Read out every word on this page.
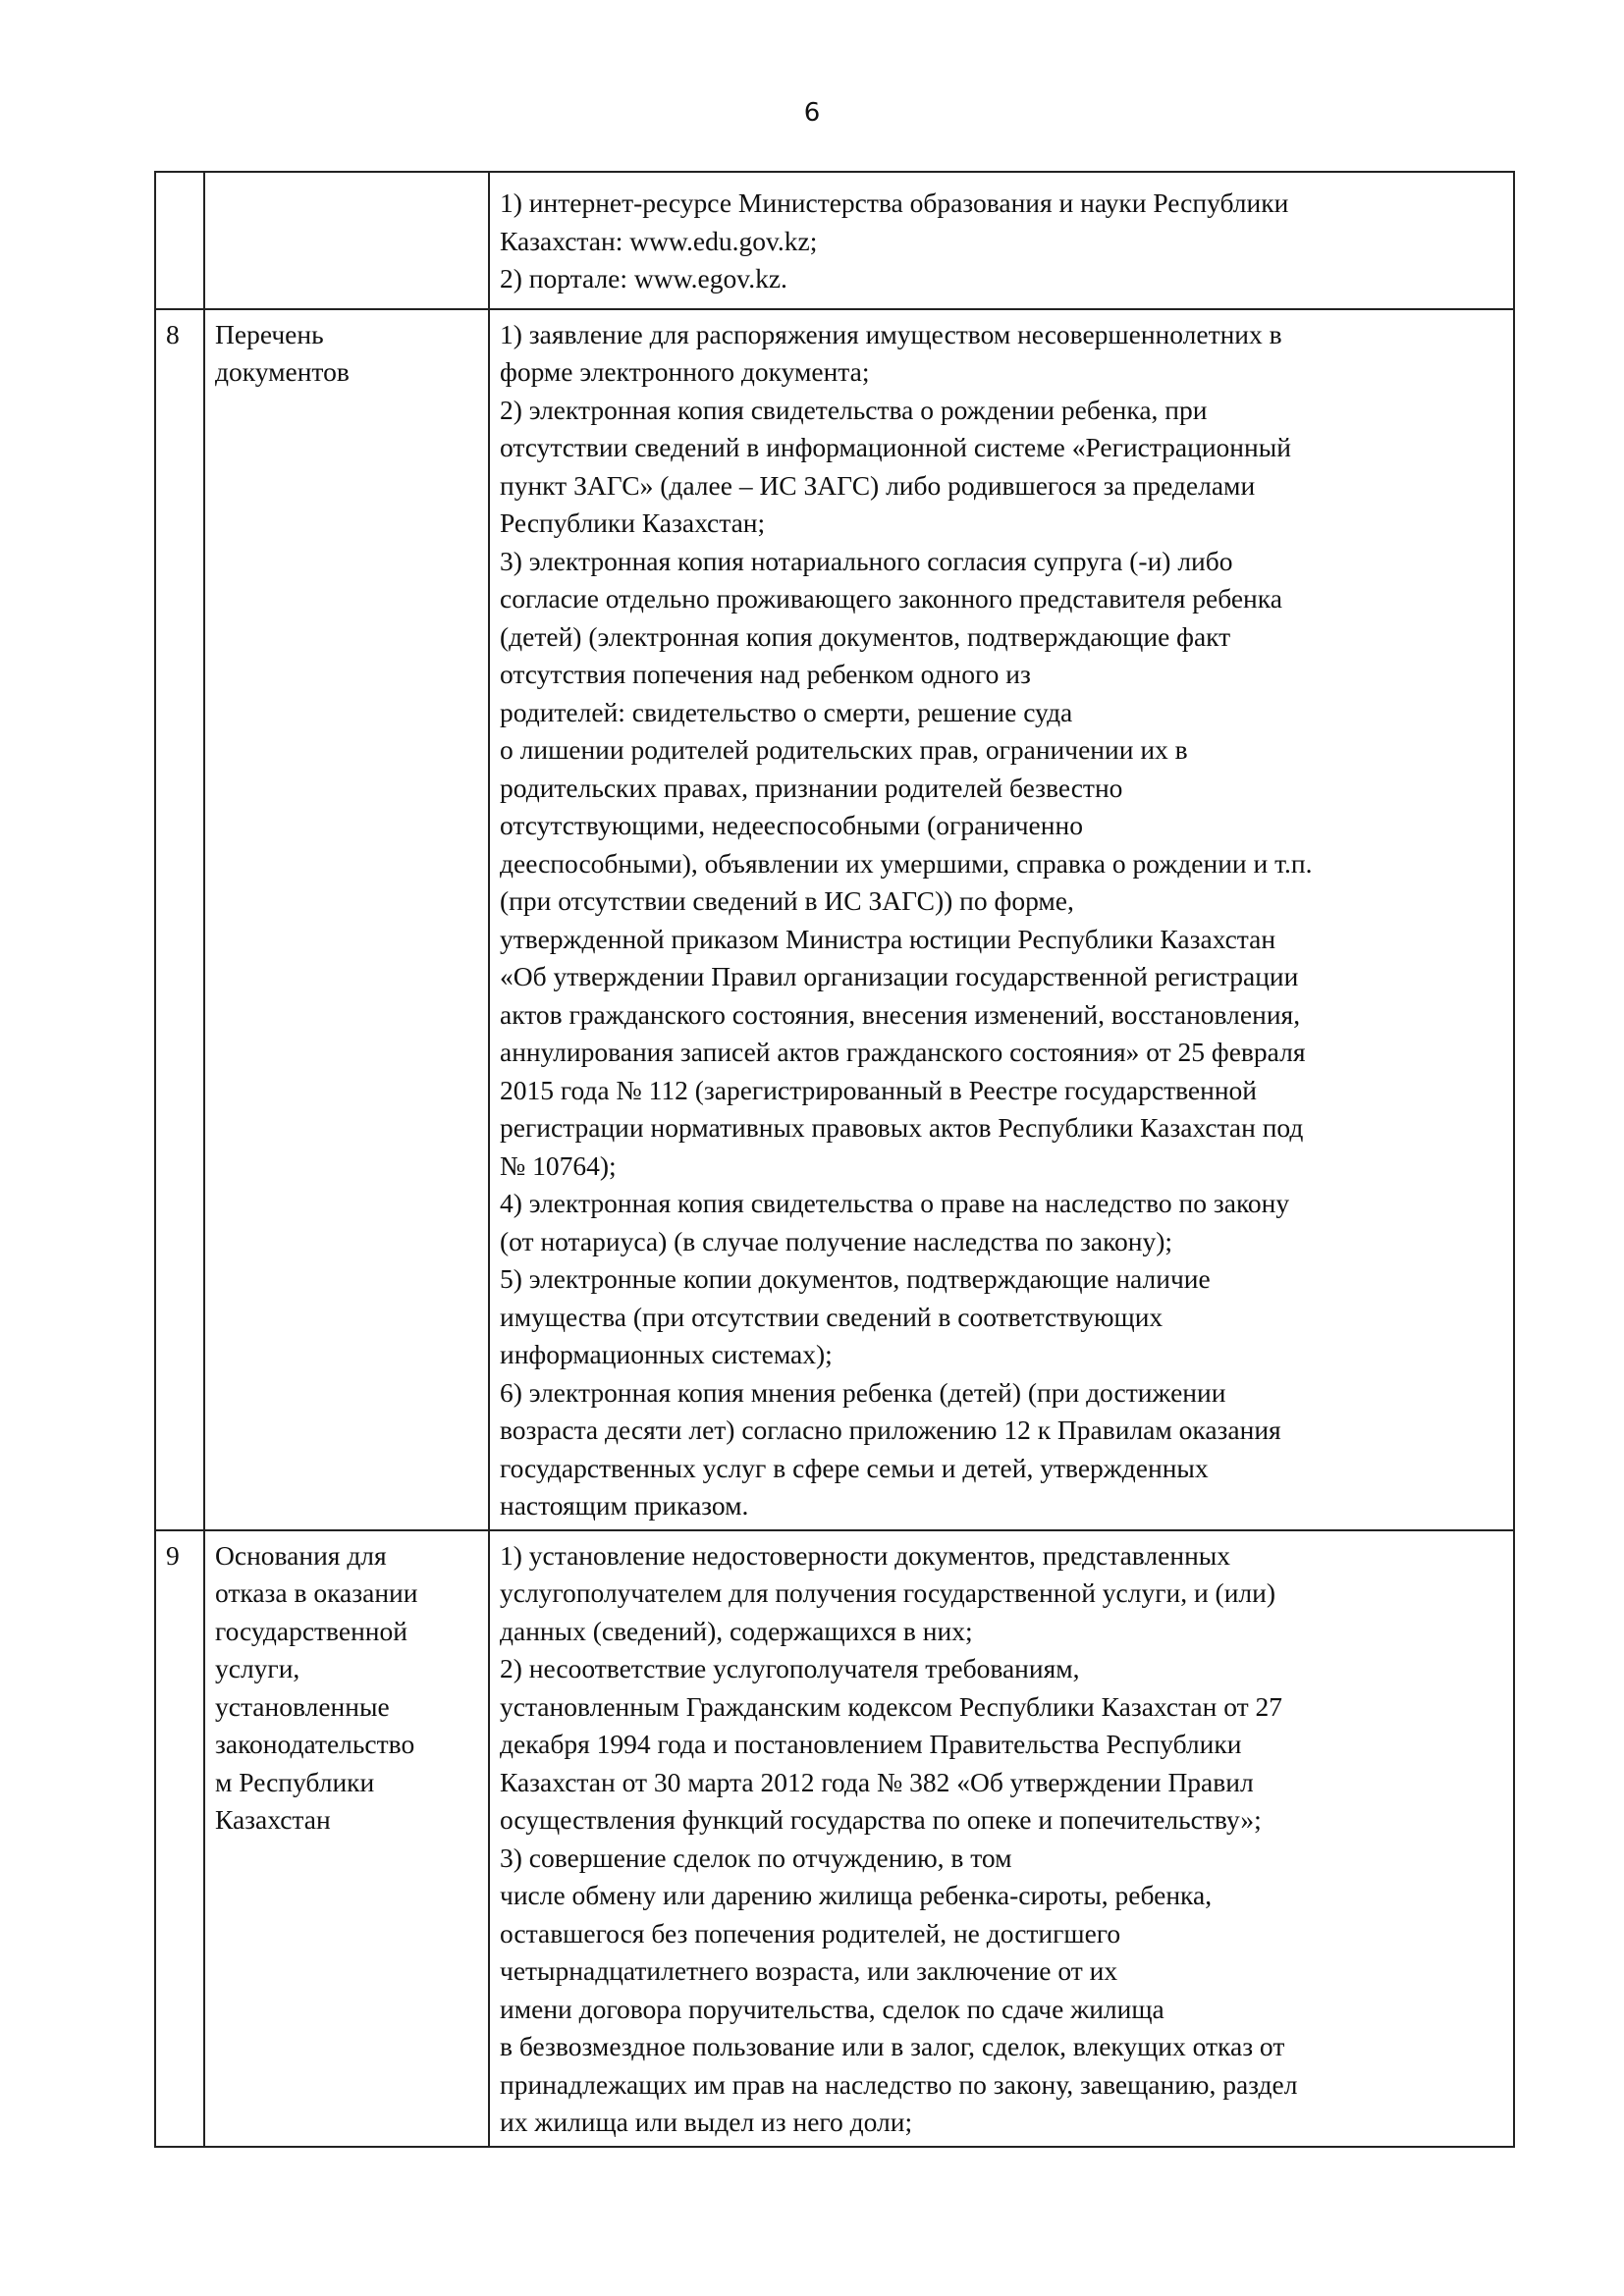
6

		1) интернет-ресурсе Министерства образования и науки Республики
Казахстан: www.edu.gov.kz;
2) портале: www.egov.kz.

8	Перечень
документов

1) заявление для распоряжения имуществом несовершеннолетних в
форме электронного документа;
2) электронная копия свидетельства о рождении ребенка, при
отсутствии сведений в информационной системе «Регистрационный
пункт ЗАГС» (далее – ИС ЗАГС) либо родившегося за пределами
Республики Казахстан;
3) электронная копия нотариального согласия супруга (-и) либо
согласие отдельно проживающего законного представителя ребенка
(детей) (электронная копия документов, подтверждающие факт
отсутствия попечения над ребенком одного из
родителей: свидетельство о смерти, решение суда
о лишении родителей родительских прав, ограничении их в
родительских правах, признании родителей безвестно
отсутствующими, недееспособными (ограниченно
дееспособными), объявлении их умершими, справка о рождении и т.п.
(при отсутствии сведений в ИС ЗАГС)) по форме,
утвержденной приказом Министра юстиции Республики Казахстан
«Об утверждении Правил организации государственной регистрации
актов гражданского состояния, внесения изменений, восстановления,
аннулирования записей актов гражданского состояния» от 25 февраля
2015 года № 112 (зарегистрированный в Реестре государственной
регистрации нормативных правовых актов Республики Казахстан под
№ 10764);
4) электронная копия свидетельства о праве на наследство по закону
(от нотариуса) (в случае получение наследства по закону);
5) электронные копии документов, подтверждающие наличие
имущества (при отсутствии сведений в соответствующих
информационных системах);
6) электронная копия мнения ребенка (детей) (при достижении
возраста десяти лет) согласно приложению 12 к Правилам оказания
государственных услуг в сфере семьи и детей, утвержденных
настоящим приказом.

9	Основания для
отказа в оказании
государственной
услуги,
установленные
законодательство
м Республики
Казахстан

1) установление недостоверности документов, представленных
услугополучателем для получения государственной услуги, и (или)
данных (сведений), содержащихся в них;
2) несоответствие услугополучателя требованиям,
установленным Гражданским кодексом Республики Казахстан от 27
декабря 1994 года и постановлением Правительства Республики
Казахстан от 30 марта 2012 года № 382 «Об утверждении Правил
осуществления функций государства по опеке и попечительству»;
3) совершение сделок по отчуждению, в том
числе обмену или дарению жилища ребенка-сироты, ребенка,
оставшегося без попечения родителей, не достигшего
четырнадцатилетнего возраста, или заключение от их
имени договора поручительства, сделок по сдаче жилища
в безвозмездное пользование или в залог, сделок, влекущих отказ от
принадлежащих им прав на наследство по закону, завещанию, раздел
их жилища или выдел из него доли;
